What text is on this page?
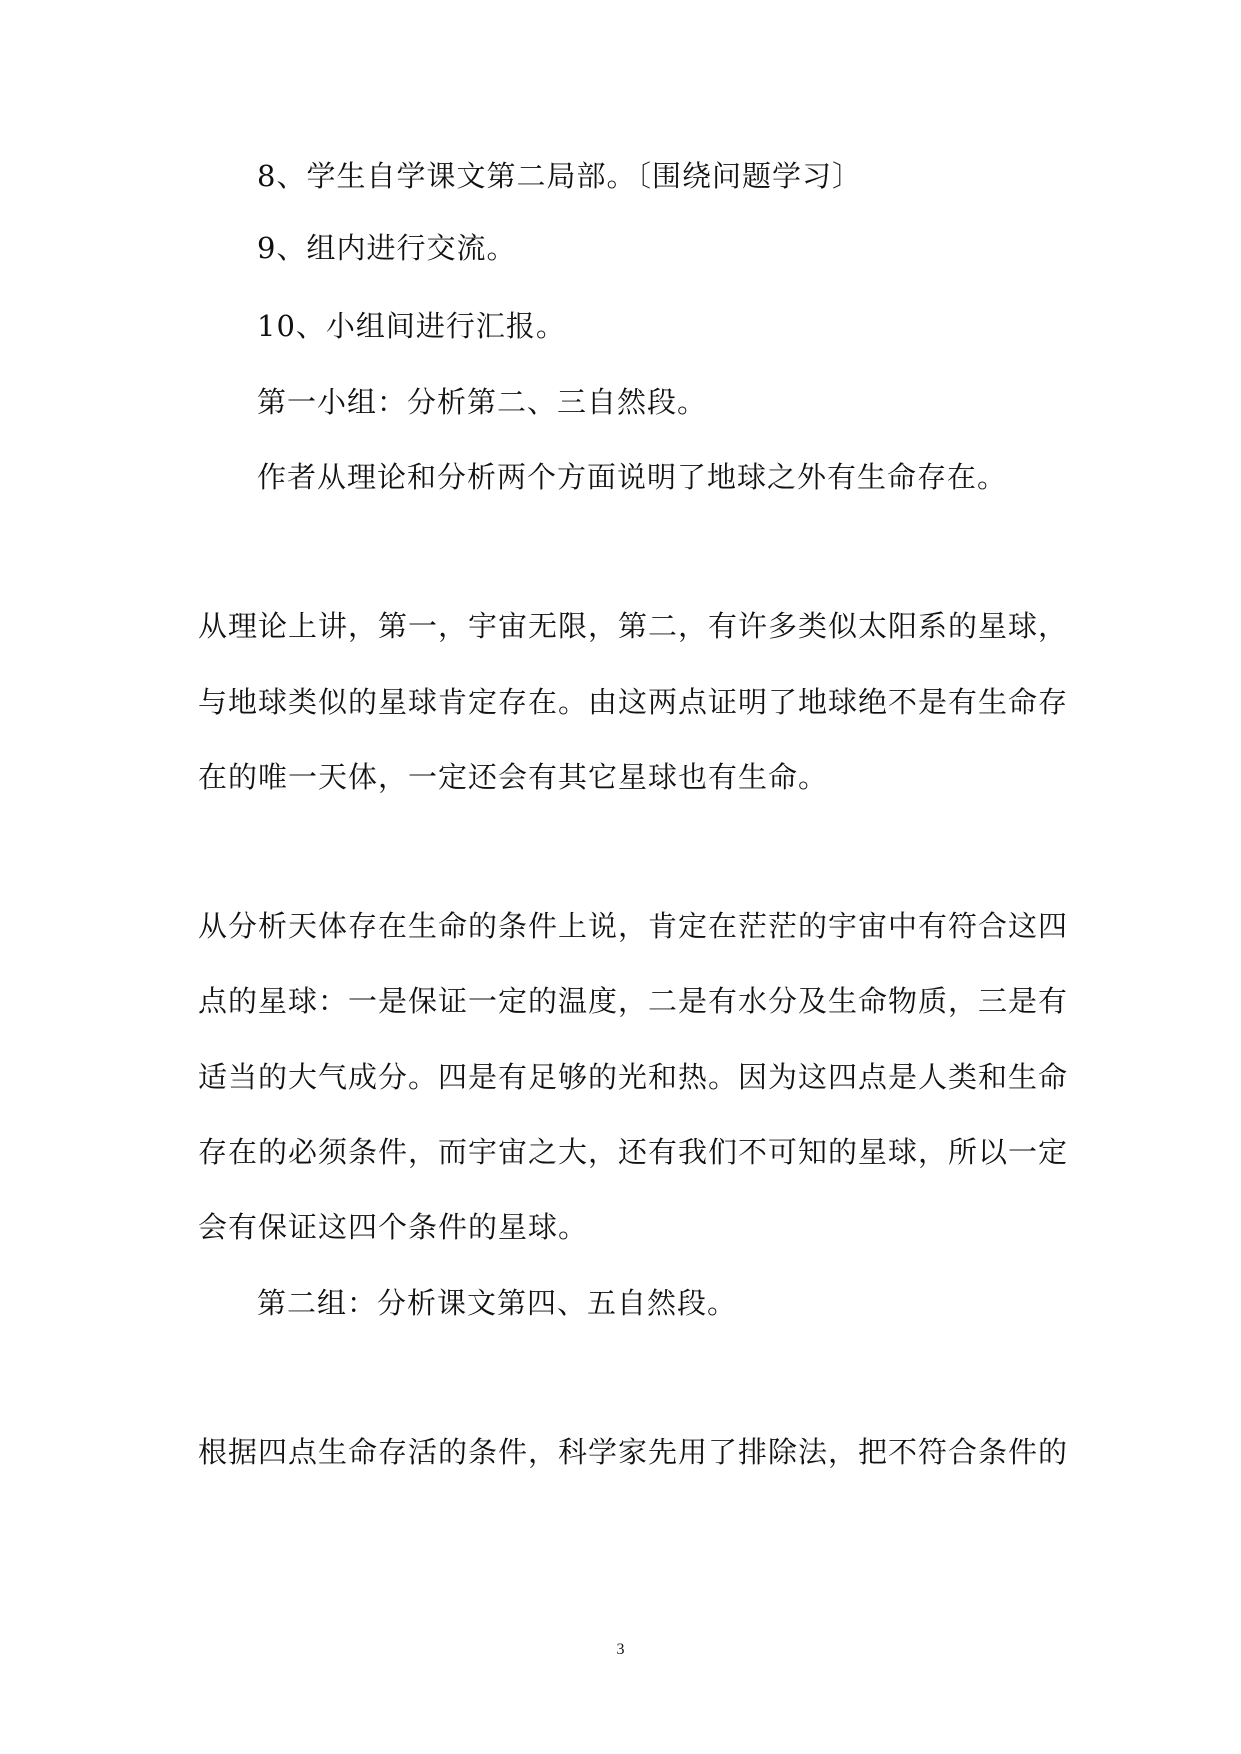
8、学生自学课文第二局部。〔围绕问题学习〕
9、组内进行交流。
10、小组间进行汇报。
第一小组：分析第二、三自然段。
作者从理论和分析两个方面说明了地球之外有生命存在。
从理论上讲，第一，宇宙无限，第二，有许多类似太阳系的星球，
与地球类似的星球肯定存在。由这两点证明了地球绝不是有生命存
在的唯一天体，一定还会有其它星球也有生命。
从分析天体存在生命的条件上说，肯定在茫茫的宇宙中有符合这四
点的星球：一是保证一定的温度，二是有水分及生命物质，三是有
适当的大气成分。四是有足够的光和热。因为这四点是人类和生命
存在的必须条件，而宇宙之大，还有我们不可知的星球，所以一定
会有保证这四个条件的星球。
第二组：分析课文第四、五自然段。
根据四点生命存活的条件，科学家先用了排除法，把不符合条件的
3
